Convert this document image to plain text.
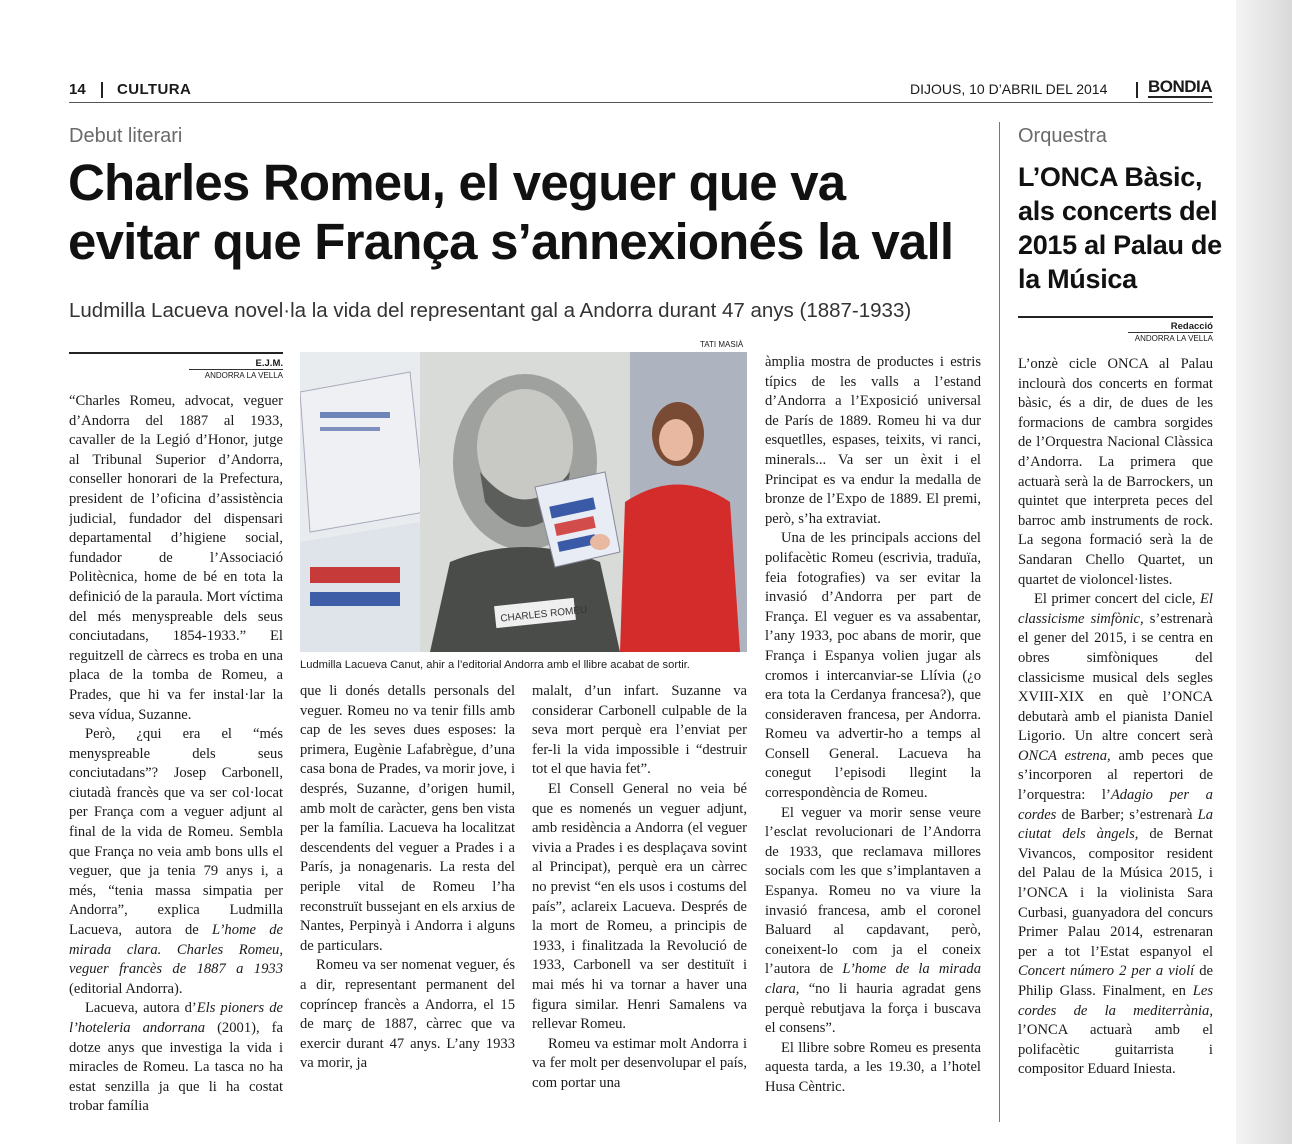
14 CULTURA	DIJOUS, 10 D’ABRIL DEL 2014 BONDIA
Debut literari
Charles Romeu, el veguer que va
evitar que França s’annexionés la vall
Ludmilla Lacueva novel·la la vida del representant gal a Andorra durant 47 anys (1887-1933)
E.J.M.
ANDORRA LA VELLA
TATI MASIÀ
CHARLES ROMEU
Ludmilla Lacueva Canut, ahir a l’editorial Andorra amb el llibre acabat de sortir.

“Charles Romeu, advocat, veguer d’Andorra del 1887 al 1933, cavaller de la Legió d’Honor, jutge al Tribunal Superior d’Andorra, conseller honorari de la Prefectura, president de l’oficina d’assistència judicial, fundador del dispensari departamental d’higiene social, fundador de l’Associació Politècnica, home de bé en tota la definició de la paraula. Mort víctima del més menyspreable dels seus conciutadans, 1854-1933.” El reguitzell de càrrecs es troba en una placa de la tomba de Romeu, a Prades, que hi va fer instal·lar la seva vídua, Suzanne.

Però, ¿qui era el “més menyspreable dels seus conciutadans”? Josep Carbonell, ciutadà francès que va ser col·locat per França com a veguer adjunt al final de la vida de Romeu. Sembla que França no veia amb bons ulls el veguer, que ja tenia 79 anys i, a més, “tenia massa simpatia per Andorra”, explica Ludmilla Lacueva, autora de L’home de mirada clara. Charles Romeu, veguer francès de 1887 a 1933 (editorial Andorra).

Lacueva, autora d’Els pioners de l’hoteleria andorrana (2001), fa dotze anys que investiga la vida i miracles de Romeu. La tasca no ha estat senzilla ja que li ha costat trobar família

que li donés detalls personals del veguer. Romeu no va tenir fills amb cap de les seves dues esposes: la primera, Eugènie Lafabrègue, d’una casa bona de Prades, va morir jove, i després, Suzanne, d’origen humil, amb molt de caràcter, gens ben vista per la família. Lacueva ha localitzat descendents del veguer a Prades i a París, ja nonagenaris. La resta del periple vital de Romeu l’ha reconstruït bussejant en els arxius de Nantes, Perpinyà i Andorra i alguns de particulars.

Romeu va ser nomenat veguer, és a dir, representant permanent del copríncep francès a Andorra, el 15 de març de 1887, càrrec que va exercir durant 47 anys. L’any 1933 va morir, ja

malalt, d’un infart. Suzanne va considerar Carbonell culpable de la seva mort perquè era l’enviat per fer-li la vida impossible i “destruir tot el que havia fet”.

El Consell General no veia bé que es nomenés un veguer adjunt, amb residència a Andorra (el veguer vivia a Prades i es desplaçava sovint al Principat), perquè era un càrrec no previst “en els usos i costums del país”, aclareix Lacueva. Després de la mort de Romeu, a principis de 1933, i finalitzada la Revolució de 1933, Carbonell va ser destituït i mai més hi va tornar a haver una figura similar. Henri Samalens va rellevar Romeu.

Romeu va estimar molt Andorra i va fer molt per desenvolupar el país, com portar una

àmplia mostra de productes i estris típics de les valls a l’estand d’Andorra a l’Exposició universal de París de 1889. Romeu hi va dur esquetlles, espases, teixits, vi ranci, minerals... Va ser un èxit i el Principat es va endur la medalla de bronze de l’Expo de 1889. El premi, però, s’ha extraviat.

Una de les principals accions del polifacètic Romeu (escrivia, traduïa, feia fotografies) va ser evitar la invasió d’Andorra per part de França. El veguer es va assabentar, l’any 1933, poc abans de morir, que França i Espanya volien jugar als cromos i intercanviar-se Llívia (¿o era tota la Cerdanya francesa?), que consideraven francesa, per Andorra. Romeu va advertir-ho a temps al Consell General. Lacueva ha conegut l’episodi llegint la correspondència de Romeu.

El veguer va morir sense veure l’esclat revolucionari de l’Andorra de 1933, que reclamava millores socials com les que s’implantaven a Espanya. Romeu no va viure la invasió francesa, amb el coronel Baluard al capdavant, però, coneixent-lo com ja el coneix l’autora de L’home de la mirada clara, “no li hauria agradat gens perquè rebutjava la força i buscava el consens”.

El llibre sobre Romeu es presenta aquesta tarda, a les 19.30, a l’hotel Husa Cèntric.

Orquestra
L’ONCA Bàsic, als concerts del 2015 al Palau de la Música
Redacció
ANDORRA LA VELLA

L’onzè cicle ONCA al Palau inclourà dos concerts en format bàsic, és a dir, de dues de les formacions de cambra sorgides de l’Orquestra Nacional Clàssica d’Andorra. La primera que actuarà serà la de Barrockers, un quintet que interpreta peces del barroc amb instruments de rock. La segona formació serà la de Sandaran Chello Quartet, un quartet de violoncel·listes.

El primer concert del cicle, El classicisme simfònic, s’estrenarà el gener del 2015, i se centra en obres simfòniques del classicisme musical dels segles XVIII-XIX en què l’ONCA debutarà amb el pianista Daniel Ligorio. Un altre concert serà ONCA estrena, amb peces que s’incorporen al repertori de l’orquestra: l’Adagio per a cordes de Barber; s’estrenarà La ciutat dels àngels, de Bernat Vivancos, compositor resident del Palau de la Música 2015, i l’ONCA i la violinista Sara Curbasi, guanyadora del concurs Primer Palau 2014, estrenaran per a tot l’Estat espanyol el Concert número 2 per a violí de Philip Glass. Finalment, en Les cordes de la mediterrània, l’ONCA actuarà amb el polifacètic guitarrista i compositor Eduard Iniesta.
